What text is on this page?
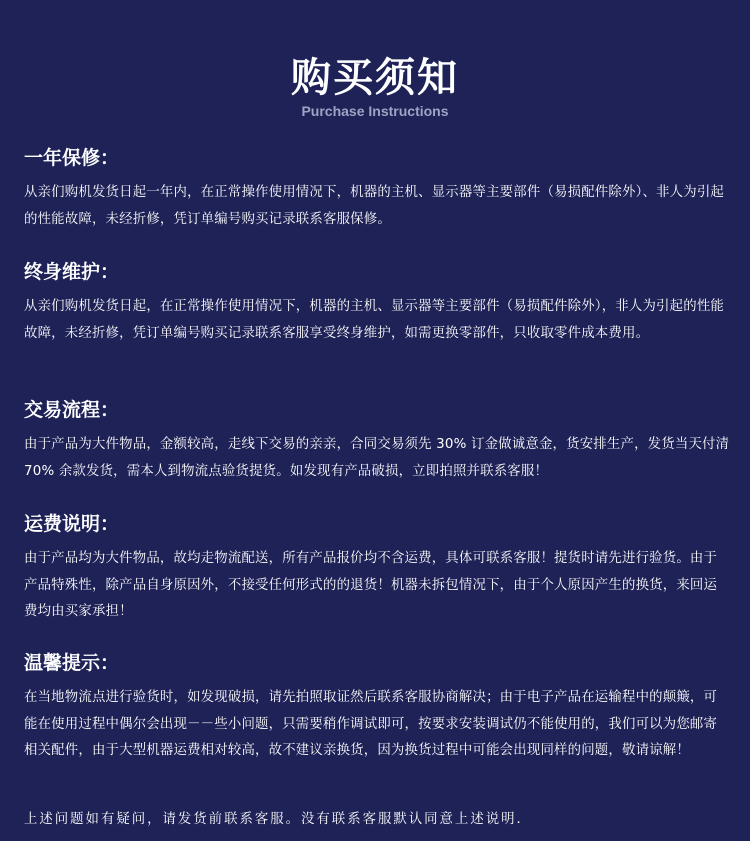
购买须知
Purchase Instructions
一年保修：

从亲们购机发货日起一年内，在正常操作使用情况下，机器的主机、显示器等主要部件（易损配件除外）、非人为引起的性能故障，未经折修，凭订单编号购买记录联系客服保修。

终身维护：

从亲们购机发货日起，在正常操作使用情况下，机器的主机、显示器等主要部件（易损配件除外），非人为引起的性能故障，未经折修，凭订单编号购买记录联系客服享受终身维护，如需更换零部件，只收取零件成本费用。

交易流程：

由于产品为大件物品，金额较高，走线下交易的亲亲，合同交易须先 30% 订金做诚意金，货安排生产，发货当天付清 70% 余款发货，需本人到物流点验货提货。如发现有产品破损，立即拍照并联系客服！

运费说明：

由于产品均为大件物品，故均走物流配送，所有产品报价均不含运费，具体可联系客服！提货时请先进行验货。由于产品特殊性，除产品自身原因外，不接受任何形式的的退货！机器未拆包情况下，由于个人原因产生的换货，来回运费均由买家承担！

温馨提示：

在当地物流点进行验货时，如发现破损，请先拍照取证然后联系客服协商解决；由于电子产品在运输程中的颠簸，可能在使用过程中偶尔会出现－－些小问题，只需要稍作调试即可，按要求安装调试仍不能使用的，我们可以为您邮寄相关配件，由于大型机器运费相对较高，故不建议亲换货，因为换货过程中可能会出现同样的问题，敬请谅解！

上述问题如有疑问，请发货前联系客服。没有联系客服默认同意上述说明．
